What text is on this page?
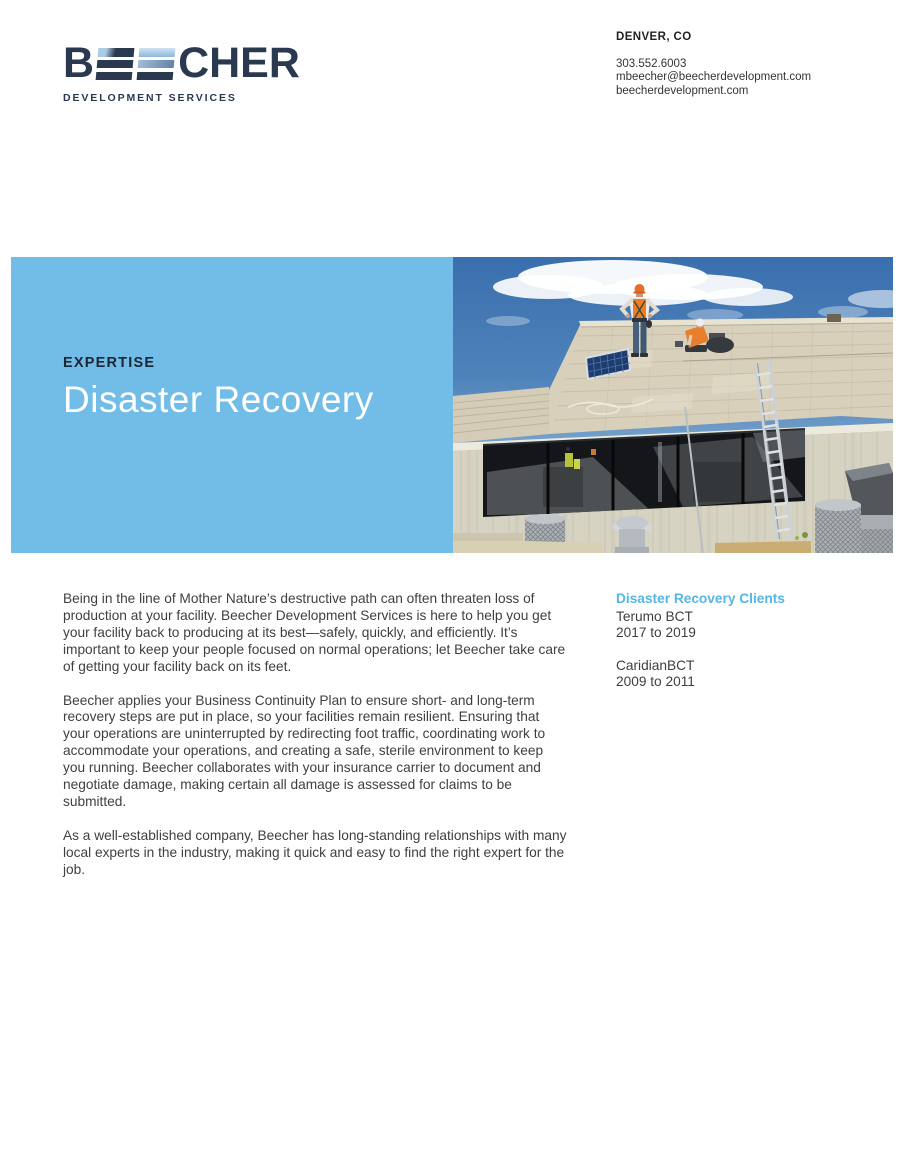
B CHER
DEVELOPMENT SERVICES
DENVER, CO
303.552.6003
mbeecher@beecherdevelopment.com
beecherdevelopment.com
EXPERTISE
Disaster Recovery

Being in the line of Mother Nature’s destructive path can often threaten loss of production at your facility. Beecher Development Services is here to help you get your facility back to producing at its best—safely, quickly, and efficiently. It’s important to keep your people focused on normal operations; let Beecher take care of getting your facility back on its feet.

Beecher applies your Business Continuity Plan to ensure short- and long-term recovery steps are put in place, so your facilities remain resilient. Ensuring that your operations are uninterrupted by redirecting foot traffic, coordinating work to accommodate your operations, and creating a safe, sterile environment to keep you running. Beecher collaborates with your insurance carrier to document and negotiate damage, making certain all damage is assessed for claims to be submitted.

As a well-established company, Beecher has long-standing relationships with many local experts in the industry, making it quick and easy to find the right expert for the job.

Disaster Recovery Clients
Terumo BCT
2017 to 2019
CaridianBCT
2009 to 2011
